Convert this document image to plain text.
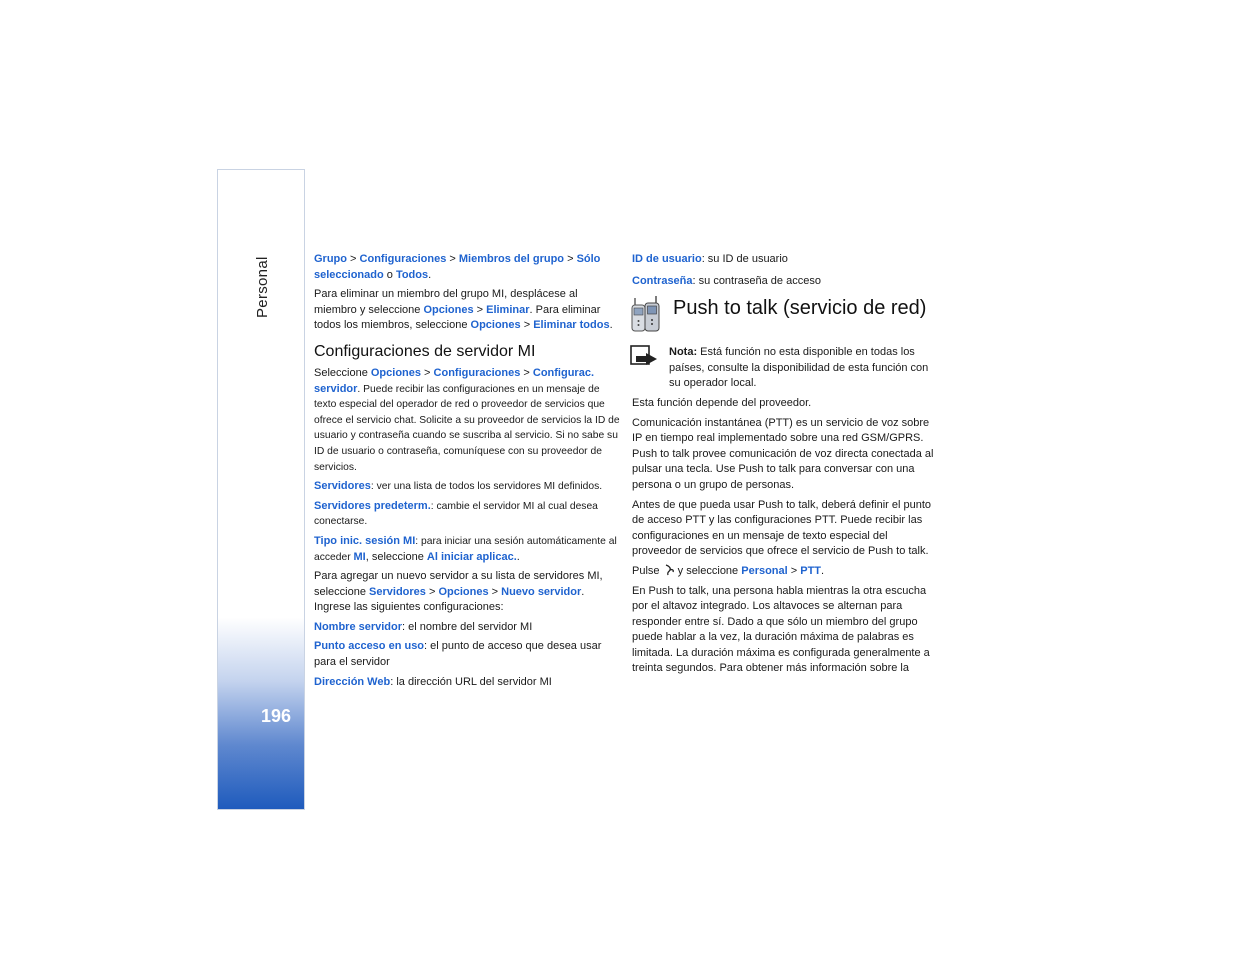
Personal
196

Grupo > Configuraciones > Miembros del grupo > Sólo seleccionado o Todos.

Para eliminar un miembro del grupo MI, desplácese al miembro y seleccione Opciones > Eliminar. Para eliminar todos los miembros, seleccione Opciones > Eliminar todos.

Configuraciones de servidor MI

Seleccione Opciones > Configuraciones > Configurac. servidor. Puede recibir las configuraciones en un mensaje de texto especial del operador de red o proveedor de servicios que ofrece el servicio chat. Solicite a su proveedor de servicios la ID de usuario y contraseña cuando se suscriba al servicio. Si no sabe su ID de usuario o contraseña, comuníquese con su proveedor de servicios.

Servidores: ver una lista de todos los servidores MI definidos.

Servidores predeterm.: cambie el servidor MI al cual desea conectarse.

Tipo inic. sesión MI: para iniciar una sesión automáticamente al acceder MI, seleccione Al iniciar aplicac..

Para agregar un nuevo servidor a su lista de servidores MI, seleccione Servidores > Opciones > Nuevo servidor. Ingrese las siguientes configuraciones:

Nombre servidor: el nombre del servidor MI

Punto acceso en uso: el punto de acceso que desea usar para el servidor

Dirección Web: la dirección URL del servidor MI

ID de usuario: su ID de usuario

Contraseña: su contraseña de acceso

Push to talk (servicio de red)
Nota: Está función no esta disponible en todas los países, consulte la disponibilidad de esta función con su operador local.

Esta función depende del proveedor.

Comunicación instantánea (PTT) es un servicio de voz sobre IP en tiempo real implementado sobre una red GSM/GPRS. Push to talk provee comunicación de voz directa conectada al pulsar una tecla. Use Push to talk para conversar con una persona o un grupo de personas.

Antes de que pueda usar Push to talk, deberá definir el punto de acceso PTT y las configuraciones PTT. Puede recibir las configuraciones en un mensaje de texto especial del proveedor de servicios que ofrece el servicio de Push to talk.

Pulse  y seleccione Personal > PTT.

En Push to talk, una persona habla mientras la otra escucha por el altavoz integrado. Los altavoces se alternan para responder entre sí. Dado a que sólo un miembro del grupo puede hablar a la vez, la duración máxima de palabras es limitada. La duración máxima es configurada generalmente a treinta segundos. Para obtener más información sobre la
